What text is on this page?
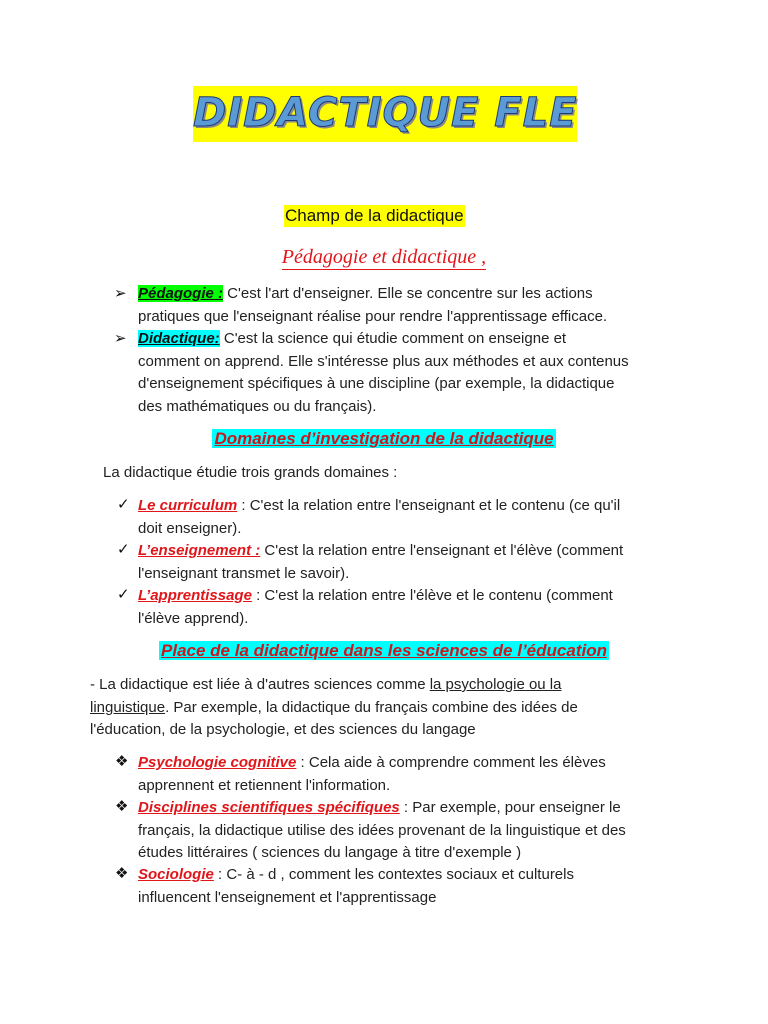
DIDACTIQUE FLE
Champ de la didactique
Pédagogie et didactique ,
➢ Pédagogie : C'est l'art d'enseigner. Elle se concentre sur les actions
pratiques que l'enseignant réalise pour rendre l'apprentissage efficace.
➢ Didactique: C'est la science qui étudie comment on enseigne et
comment on apprend. Elle s'intéresse plus aux méthodes et aux contenus
d'enseignement spécifiques à une discipline (par exemple, la didactique
des mathématiques ou du français).
Domaines d’investigation de la didactique
La didactique étudie trois grands domaines :
✓ Le curriculum : C'est la relation entre l'enseignant et le contenu (ce qu'il
doit enseigner).
✓ L’enseignement : C'est la relation entre l'enseignant et l'élève (comment
l'enseignant transmet le savoir).
✓ L’apprentissage : C'est la relation entre l'élève et le contenu (comment
l'élève apprend).
Place de la didactique dans les sciences de l’éducation
- La didactique est liée à d'autres sciences comme la psychologie ou la
linguistique. Par exemple, la didactique du français combine des idées de
l'éducation, de la psychologie, et des sciences du langage
❖ Psychologie cognitive : Cela aide à comprendre comment les élèves
apprennent et retiennent l'information.
❖ Disciplines scientifiques spécifiques : Par exemple, pour enseigner le
français, la didactique utilise des idées provenant de la linguistique et des
études littéraires ( sciences du langage à titre d'exemple )
❖ Sociologie : C- à - d , comment les contextes sociaux et culturels
influencent l'enseignement et l'apprentissage
